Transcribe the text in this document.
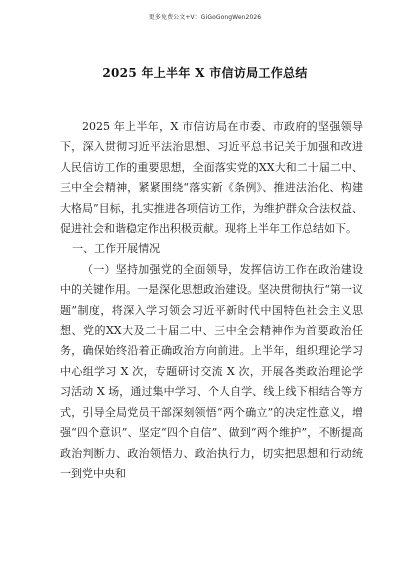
更多免费公文+V：GiGoGongWen2026
2025 年上半年 X 市信访局工作总结

2025 年上半年，X 市信访局在市委、市政府的坚强领导下，深入贯彻习近平法治思想、习近平总书记关于加强和改进人民信访工作的重要思想，全面落实党的XX大和二十届二中、三中全会精神，紧紧围绕“落实新《条例》、推进法治化、构建大格局”目标，扎实推进各项信访工作，为维护群众合法权益、促进社会和谐稳定作出积极贡献。现将上半年工作总结如下。

一、工作开展情况

（一）坚持加强党的全面领导，发挥信访工作在政治建设中的关键作用。一是深化思想政治建设。坚决贯彻执行“第一议题”制度，将深入学习领会习近平新时代中国特色社会主义思想、党的XX大及二十届二中、三中全会精神作为首要政治任务，确保始终沿着正确政治方向前进。上半年，组织理论学习中心组学习 X 次，专题研讨交流 X 次，开展各类政治理论学习活动 X 场，通过集中学习、个人自学、线上线下相结合等方式，引导全局党员干部深刻领悟“两个确立”的决定性意义，增强“四个意识”、坚定“四个自信”、做到“两个维护”，不断提高政治判断力、政治领悟力、政治执行力，切实把思想和行动统一到党中央和
